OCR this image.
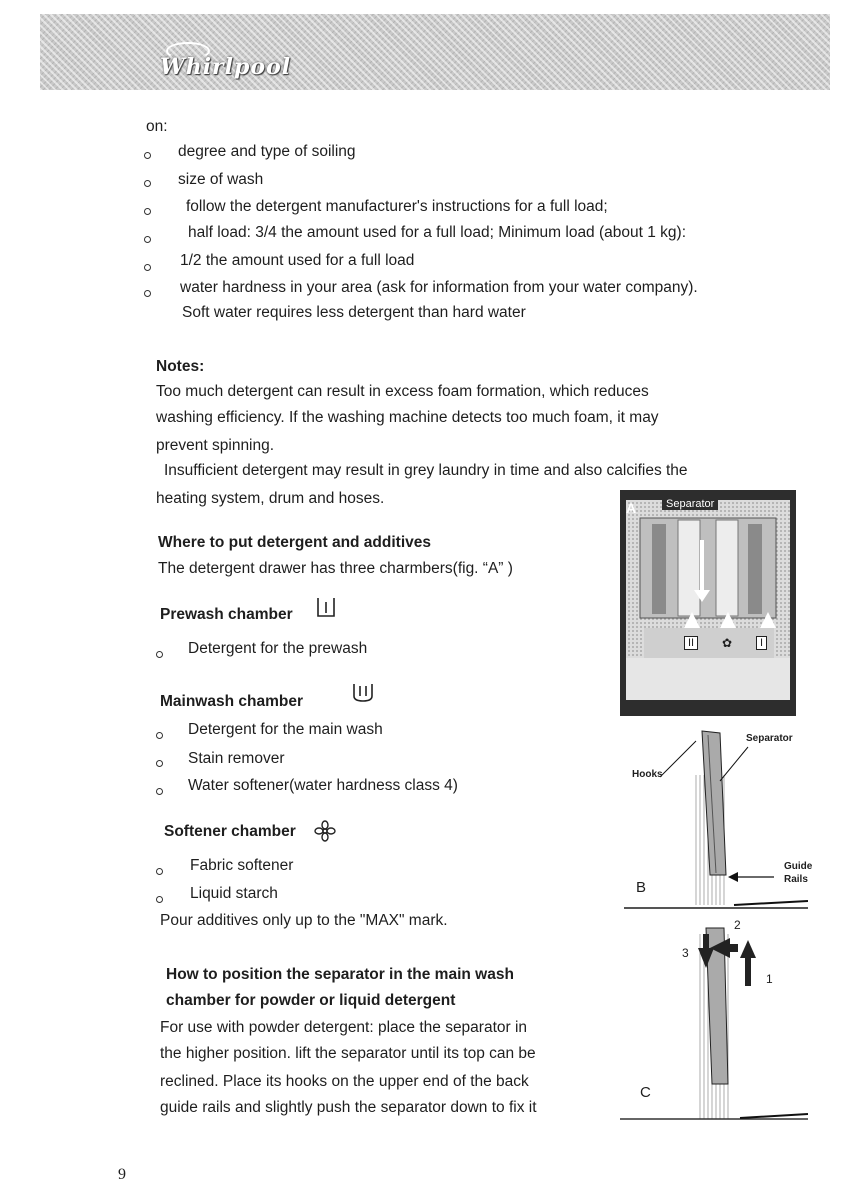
Whirlpool
on:
degree and type of soiling
size of wash
follow the detergent manufacturer's instructions for a full load;
half load: 3/4 the amount used for a full load; Minimum load (about 1 kg):
1/2 the amount used for a full load
water hardness in your area (ask for information from your water company).
Soft water requires less detergent than hard water
Notes:
Too much detergent can result in excess foam formation, which reduces
washing efficiency. If the washing machine detects too much foam, it may
prevent spinning.
Insufficient detergent may result in grey laundry in time and also calcifies the
heating system, drum and hoses.
Where to put detergent and additives
The detergent drawer has three charmbers(fig. “A” )
Prewash chamber
Detergent for the prewash
Mainwash chamber
Detergent for the main wash
Stain remover
Water softener(water hardness class 4)
Softener chamber
Fabric softener
Liquid starch
Pour additives only up to the "MAX" mark.
How to position the separator in the main wash
chamber for powder or liquid detergent
For use with powder detergent: place the separator in
the higher position. lift the separator until its top can be
reclined. Place its hooks on the upper end of the back
guide rails and slightly push the separator down to fix it
A	Separator
II	✿	I
Hooks
Separator
Guide
Rails
B
2
3
1
C
9
